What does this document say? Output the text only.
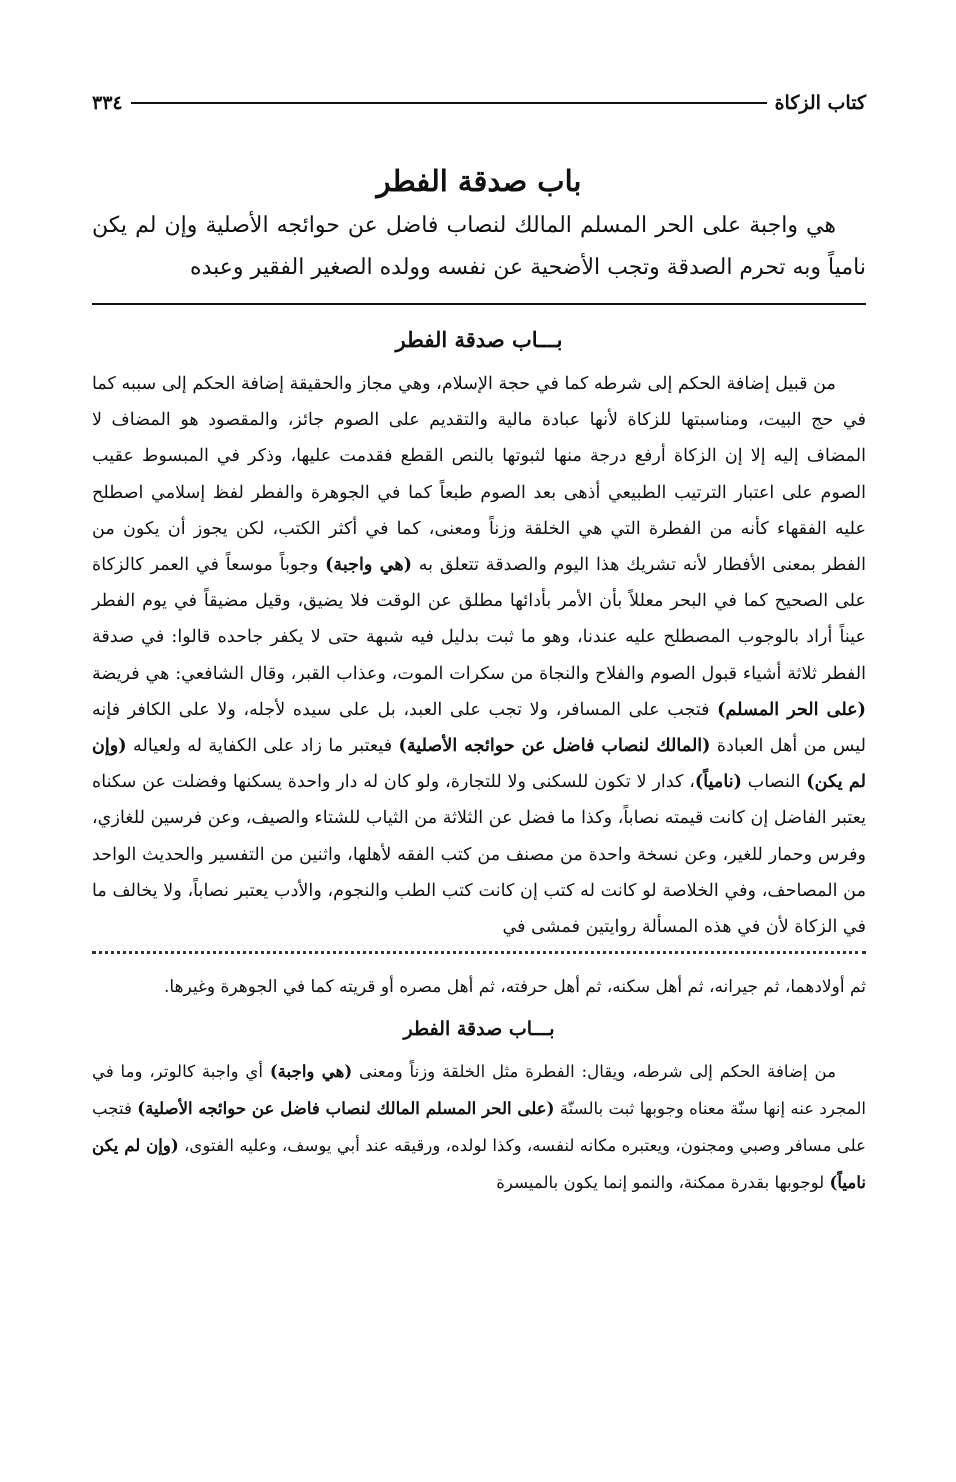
كتاب الزكاة
٣٣٤
باب صدقة الفطر

هي واجبة على الحر المسلم المالك لنصاب فاضل عن حوائجه الأصلية وإن لم يكن نامياً وبه تحرم الصدقة وتجب الأضحية عن نفسه وولده الصغير الفقير وعبده

بـــاب صدقة الفطر

من قبيل إضافة الحكم إلى شرطه كما في حجة الإسلام، وهي مجاز والحقيقة إضافة الحكم إلى سببه كما في حج البيت، ومناسبتها للزكاة لأنها عبادة مالية والتقديم على الصوم جائز، والمقصود هو المضاف لا المضاف إليه إلا إن الزكاة أرفع درجة منها لثبوتها بالنص القطع فقدمت عليها، وذكر في المبسوط عقيب الصوم على اعتبار الترتيب الطبيعي أذهى بعد الصوم طبعاً كما في الجوهرة والفطر لفظ إسلامي اصطلح عليه الفقهاء كأنه من الفطرة التي هي الخلقة وزناً ومعنى، كما في أكثر الكتب، لكن يجوز أن يكون من الفطر بمعنى الأفطار لأنه تشريك هذا اليوم والصدقة تتعلق به (هي واجبة) وجوباً موسعاً في العمر كالزكاة على الصحيح كما في البحر معللاً بأن الأمر بأدائها مطلق عن الوقت فلا يضيق، وقيل مضيقاً في يوم الفطر عيناً أراد بالوجوب المصطلح عليه عندنا، وهو ما ثبت بدليل فيه شبهة حتى لا يكفر جاحده قالوا: في صدقة الفطر ثلاثة أشياء قبول الصوم والفلاح والنجاة من سكرات الموت، وعذاب القبر، وقال الشافعي: هي فريضة (على الحر المسلم) فتجب على المسافر، ولا تجب على العبد، بل على سيده لأجله، ولا على الكافر فإنه ليس من أهل العبادة (المالك لنصاب فاضل عن حوائجه الأصلية) فيعتبر ما زاد على الكفاية له ولعياله (وإن لم يكن) النصاب (نامياً)، كدار لا تكون للسكنى ولا للتجارة، ولو كان له دار واحدة يسكنها وفضلت عن سكناه يعتبر الفاضل إن كانت قيمته نصاباً، وكذا ما فضل عن الثلاثة من الثياب للشتاء والصيف، وعن فرسين للغازي، وفرس وحمار للغير، وعن نسخة واحدة من مصنف من كتب الفقه لأهلها، واثنين من التفسير والحديث الواحد من المصاحف، وفي الخلاصة لو كانت له كتب إن كانت كتب الطب والنجوم، والأدب يعتبر نصاباً، ولا يخالف ما في الزكاة لأن في هذه المسألة روايتين فمشى في

ثم أولادهما، ثم جيرانه، ثم أهل سكنه، ثم أهل حرفته، ثم أهل مصره أو قريته كما في الجوهرة وغيرها.

بـــاب صدقة الفطر

من إضافة الحكم إلى شرطه، ويقال: الفطرة مثل الخلقة وزناً ومعنى (هي واجبة) أي واجبة كالوتر، وما في المجرد عنه إنها سنّة معناه وجوبها ثبت بالسنّة (على الحر المسلم المالك لنصاب فاضل عن حوائجه الأصلية) فتجب على مسافر وصبي ومجنون، ويعتبره مكانه لنفسه، وكذا لولده، ورقيقه عند أبي يوسف، وعليه الفتوى، (وإن لم يكن نامياً) لوجوبها بقدرة ممكنة، والنمو إنما يكون بالميسرة
